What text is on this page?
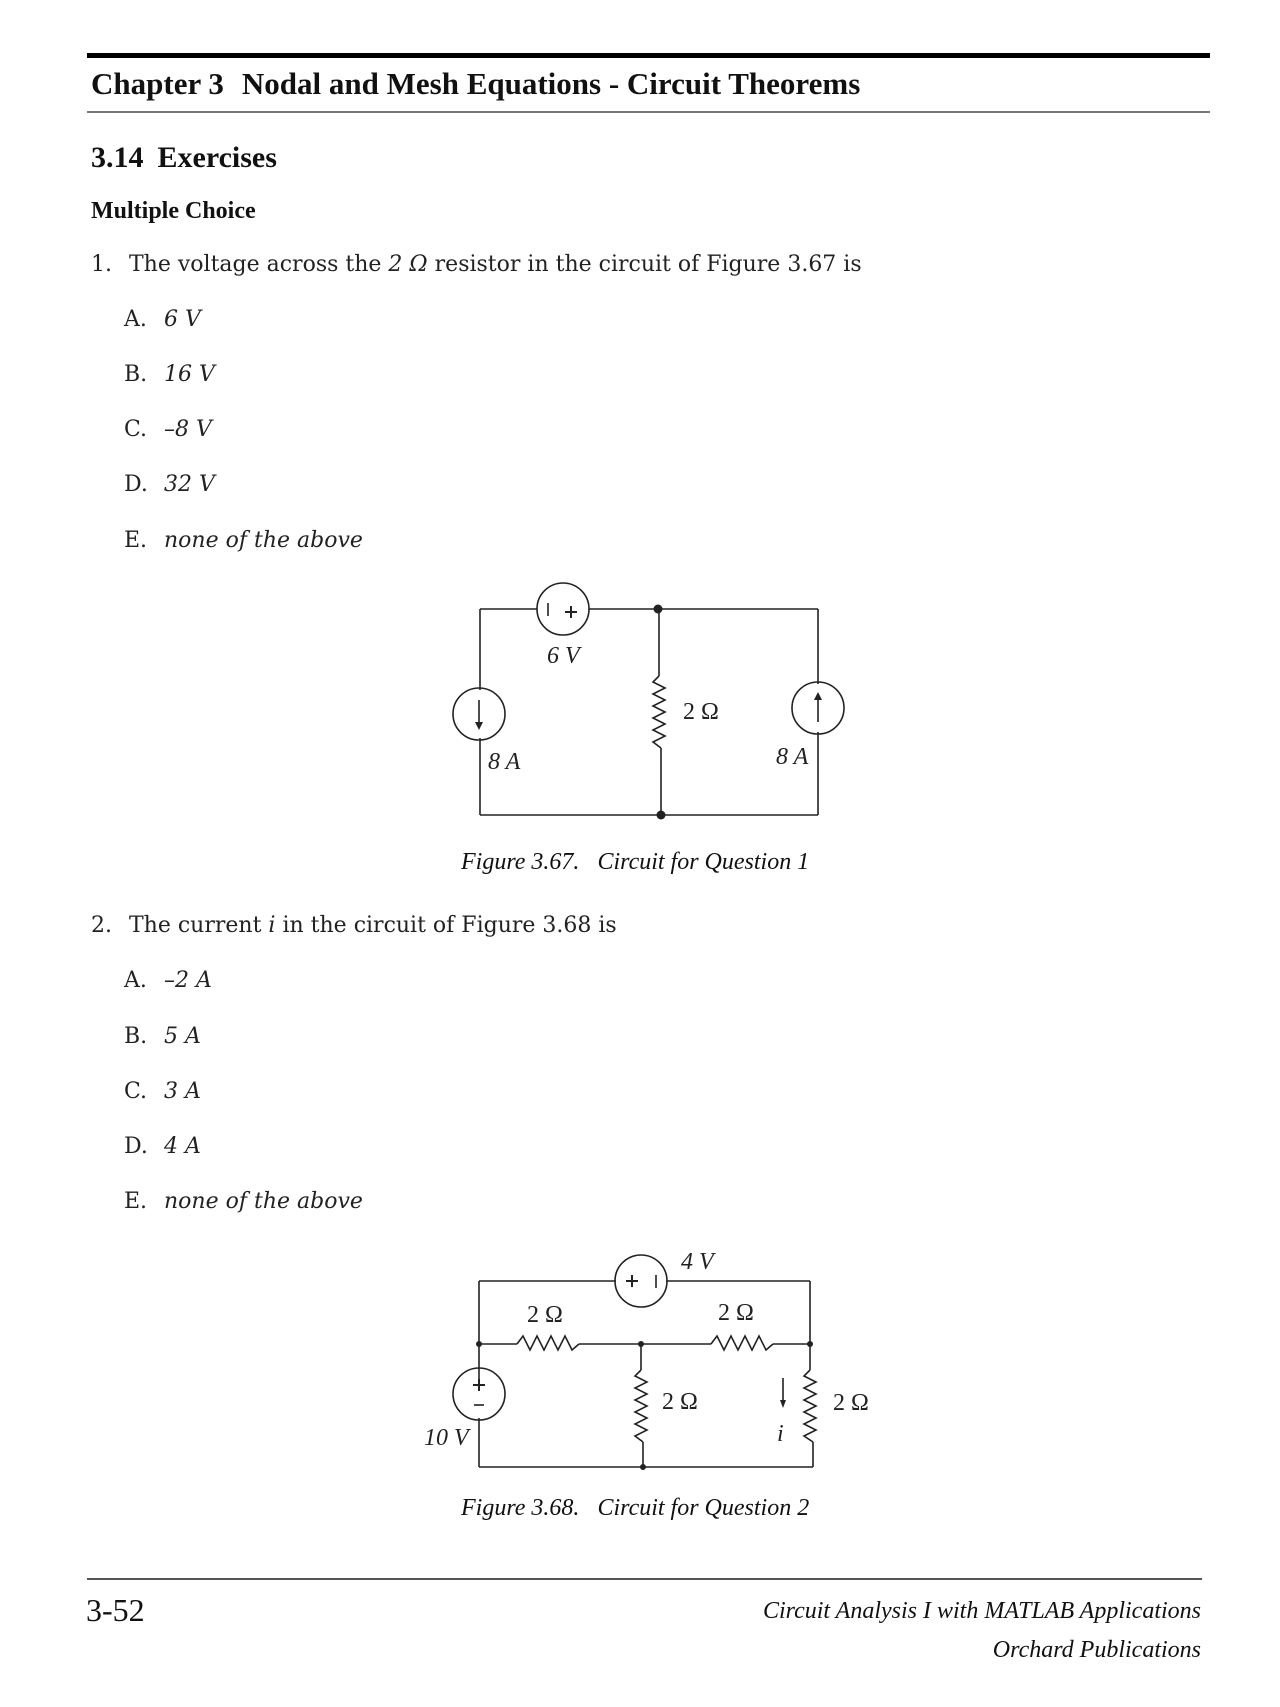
Chapter 3 Nodal and Mesh Equations - Circuit Theorems
3.14 Exercises
Multiple Choice
1. The voltage across the 2 Ω resistor in the circuit of Figure 3.67 is
A. 6 V
B. 16 V
C. –8 V
D. 32 V
E. none of the above
6 V
2 Ω
8 A	8 A
4 V
10 V
2 Ω	2 Ω
2 Ω	2 Ω
i
Figure 3.67. Circuit for Question 1
2. The current i in the circuit of Figure 3.68 is
A. –2 A
B. 5 A
C. 3 A
D. 4 A
E. none of the above
Figure 3.68. Circuit for Question 2
3-52	Circuit Analysis I with MATLAB Applications
Orchard Publications
